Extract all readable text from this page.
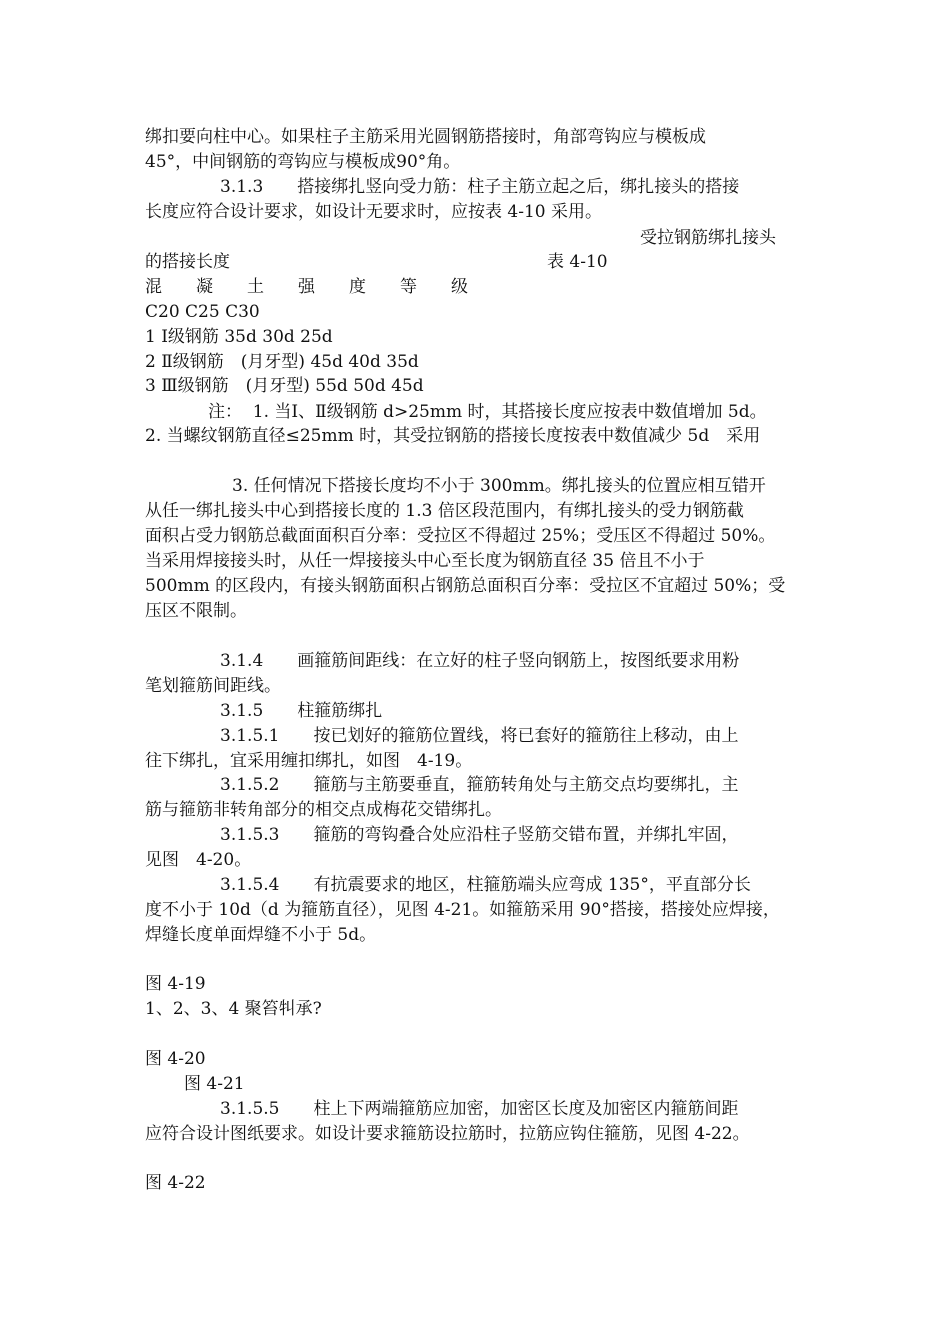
绑扣要向柱中心。如果柱子主筋采用光圆钢筋搭接时，角部弯钩应与模板成
45°，中间钢筋的弯钩应与模板成90°角。
3.1.3　　搭接绑扎竖向受力筋：柱子主筋立起之后，绑扎接头的搭接
长度应符合设计要求，如设计无要求时，应按表 4-10 采用。
受拉钢筋绑扎接头
的搭接长度	表 4-10
混　　凝　　土　　强　　度　　等　　级
C20 C25 C30
1 Ⅰ级钢筋 35d 30d 25d
2 Ⅱ级钢筋　(月牙型) 45d 40d 35d
3 Ⅲ级钢筋　(月牙型) 55d 50d 45d
注：  1. 当Ⅰ、Ⅱ级钢筋 d>25mm 时，其搭接长度应按表中数值增加 5d。
2. 当螺纹钢筋直径≤25mm 时，其受拉钢筋的搭接长度按表中数值减少 5d　采用
3. 任何情况下搭接长度均不小于 300mm。绑扎接头的位置应相互错开
从任一绑扎接头中心到搭接长度的 1.3 倍区段范围内，有绑扎接头的受力钢筋截
面积占受力钢筋总截面面积百分率：受拉区不得超过 25%；受压区不得超过 50%。
当采用焊接接头时，从任一焊接接头中心至长度为钢筋直径 35 倍且不小于
500mm 的区段内，有接头钢筋面积占钢筋总面积百分率：受拉区不宜超过 50%；受
压区不限制。
3.1.4　　画箍筋间距线：在立好的柱子竖向钢筋上，按图纸要求用粉
笔划箍筋间距线。
3.1.5　　柱箍筋绑扎
3.1.5.1　　按已划好的箍筋位置线，将已套好的箍筋往上移动，由上
往下绑扎，宜采用缠扣绑扎，如图　4-19。
3.1.5.2　　箍筋与主筋要垂直，箍筋转角处与主筋交点均要绑扎，主
筋与箍筋非转角部分的相交点成梅花交错绑扎。
3.1.5.3　　箍筋的弯钩叠合处应沿柱子竖筋交错布置，并绑扎牢固，
见图　4-20。
3.1.5.4　　有抗震要求的地区，柱箍筋端头应弯成 135°，平直部分长
度不小于 10d（d 为箍筋直径），见图 4-21。如箍筋采用 90°搭接，搭接处应焊接，
焊缝长度单面焊缝不小于 5d。
图 4-19
1、2、3、4 聚笞㸨承?
图 4-20
图 4-21
3.1.5.5　　柱上下两端箍筋应加密，加密区长度及加密区内箍筋间距
应符合设计图纸要求。如设计要求箍筋设拉筋时，拉筋应钩住箍筋，见图 4-22。
图 4-22
